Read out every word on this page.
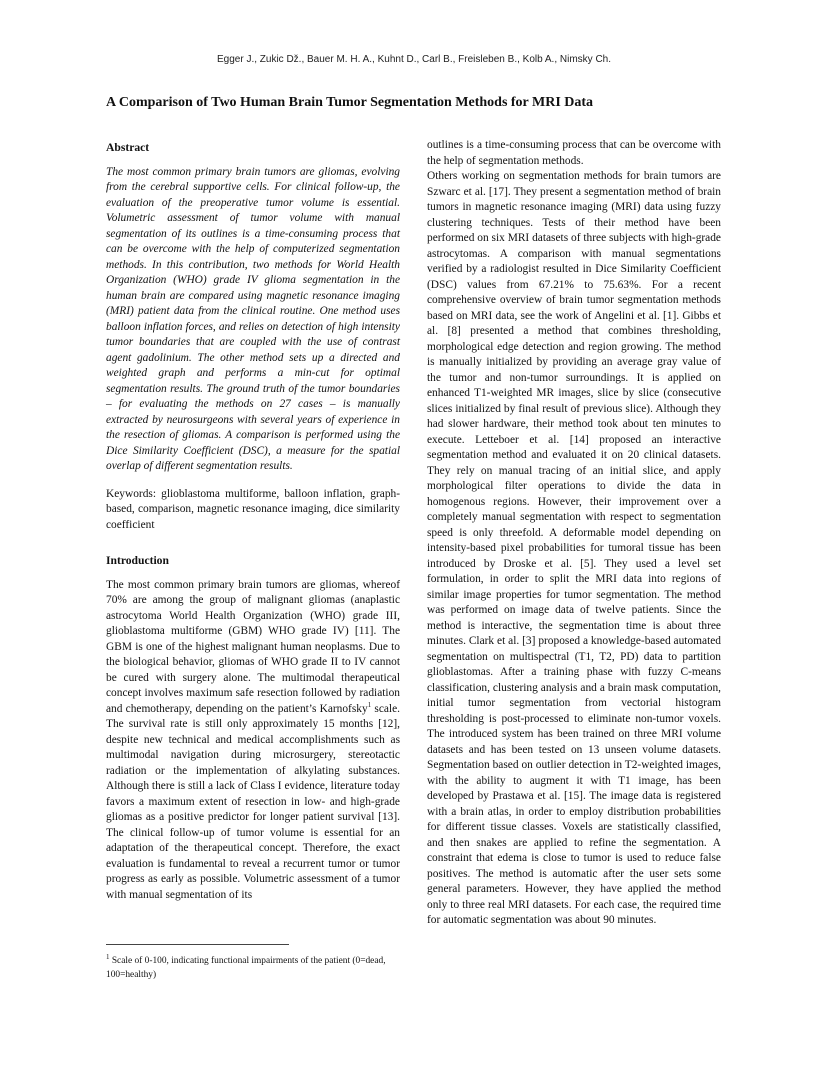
Egger J., Zukic Dž., Bauer M. H. A., Kuhnt D., Carl B., Freisleben B., Kolb A., Nimsky Ch.
A Comparison of Two Human Brain Tumor Segmentation Methods for MRI Data
Abstract

The most common primary brain tumors are gliomas, evolving from the cerebral supportive cells. For clinical follow-up, the evaluation of the preoperative tumor volume is essential. Volumetric assessment of tumor volume with manual segmentation of its outlines is a time-consuming process that can be overcome with the help of computerized segmentation methods. In this contribution, two methods for World Health Organization (WHO) grade IV glioma segmentation in the human brain are compared using magnetic resonance imaging (MRI) patient data from the clinical routine. One method uses balloon inflation forces, and relies on detection of high intensity tumor boundaries that are coupled with the use of contrast agent gadolinium. The other method sets up a directed and weighted graph and performs a min-cut for optimal segmentation results. The ground truth of the tumor boundaries – for evaluating the methods on 27 cases – is manually extracted by neurosurgeons with several years of experience in the resection of gliomas. A comparison is performed using the Dice Similarity Coefficient (DSC), a measure for the spatial overlap of different segmentation results.

Keywords: glioblastoma multiforme, balloon inflation, graph-based, comparison, magnetic resonance imaging, dice similarity coefficient

Introduction

The most common primary brain tumors are gliomas, whereof 70% are among the group of malignant gliomas (anaplastic astrocytoma World Health Organization (WHO) grade III, glioblastoma multiforme (GBM) WHO grade IV) [11]. The GBM is one of the highest malignant human neoplasms. Due to the biological behavior, gliomas of WHO grade II to IV cannot be cured with surgery alone. The multimodal therapeutical concept involves maximum safe resection followed by radiation and chemotherapy, depending on the patient’s Karnofsky$^1$ scale. The survival rate is still only approximately 15 months [12], despite new technical and medical accomplishments such as multimodal navigation during microsurgery, stereotactic radiation or the implementation of alkylating substances. Although there is still a lack of Class I evidence, literature today favors a maximum extent of resection in low- and high-grade gliomas as a positive predictor for longer patient survival [13]. The clinical follow-up of tumor volume is essential for an adaptation of the therapeutical concept. Therefore, the exact evaluation is fundamental to reveal a recurrent tumor or tumor progress as early as possible. Volumetric assessment of a tumor with manual segmentation of its

outlines is a time-consuming process that can be overcome with the help of segmentation methods.

Others working on segmentation methods for brain tumors are Szwarc et al. [17]. They present a segmentation method of brain tumors in magnetic resonance imaging (MRI) data using fuzzy clustering techniques. Tests of their method have been performed on six MRI datasets of three subjects with high-grade astrocytomas. A comparison with manual segmentations verified by a radiologist resulted in Dice Similarity Coefficient (DSC) values from 67.21% to 75.63%. For a recent comprehensive overview of brain tumor segmentation methods based on MRI data, see the work of Angelini et al. [1]. Gibbs et al. [8] presented a method that combines thresholding, morphological edge detection and region growing. The method is manually initialized by providing an average gray value of the tumor and non-tumor surroundings. It is applied on enhanced T1-weighted MR images, slice by slice (consecutive slices initialized by final result of previous slice). Although they had slower hardware, their method took about ten minutes to execute. Letteboer et al. [14] proposed an interactive segmentation method and evaluated it on 20 clinical datasets. They rely on manual tracing of an initial slice, and apply morphological filter operations to divide the data in homogenous regions. However, their improvement over a completely manual segmentation with respect to segmentation speed is only threefold. A deformable model depending on intensity-based pixel probabilities for tumoral tissue has been introduced by Droske et al. [5]. They used a level set formulation, in order to split the MRI data into regions of similar image properties for tumor segmentation. The method was performed on image data of twelve patients. Since the method is interactive, the segmentation time is about three minutes. Clark et al. [3] proposed a knowledge-based automated segmentation on multispectral (T1, T2, PD) data to partition glioblastomas. After a training phase with fuzzy C-means classification, clustering analysis and a brain mask computation, initial tumor segmentation from vectorial histogram thresholding is post-processed to eliminate non-tumor voxels. The introduced system has been trained on three MRI volume datasets and has been tested on 13 unseen volume datasets. Segmentation based on outlier detection in T2-weighted images, with the ability to augment it with T1 image, has been developed by Prastawa et al. [15]. The image data is registered with a brain atlas, in order to employ distribution probabilities for different tissue classes. Voxels are statistically classified, and then snakes are applied to refine the segmentation. A constraint that edema is close to tumor is used to reduce false positives. The method is automatic after the user sets some general parameters. However, they have applied the method only to three real MRI datasets. For each case, the required time for automatic segmentation was about 90 minutes.

$^1$ Scale of 0-100, indicating functional impairments of the patient (0=dead, 100=healthy)
